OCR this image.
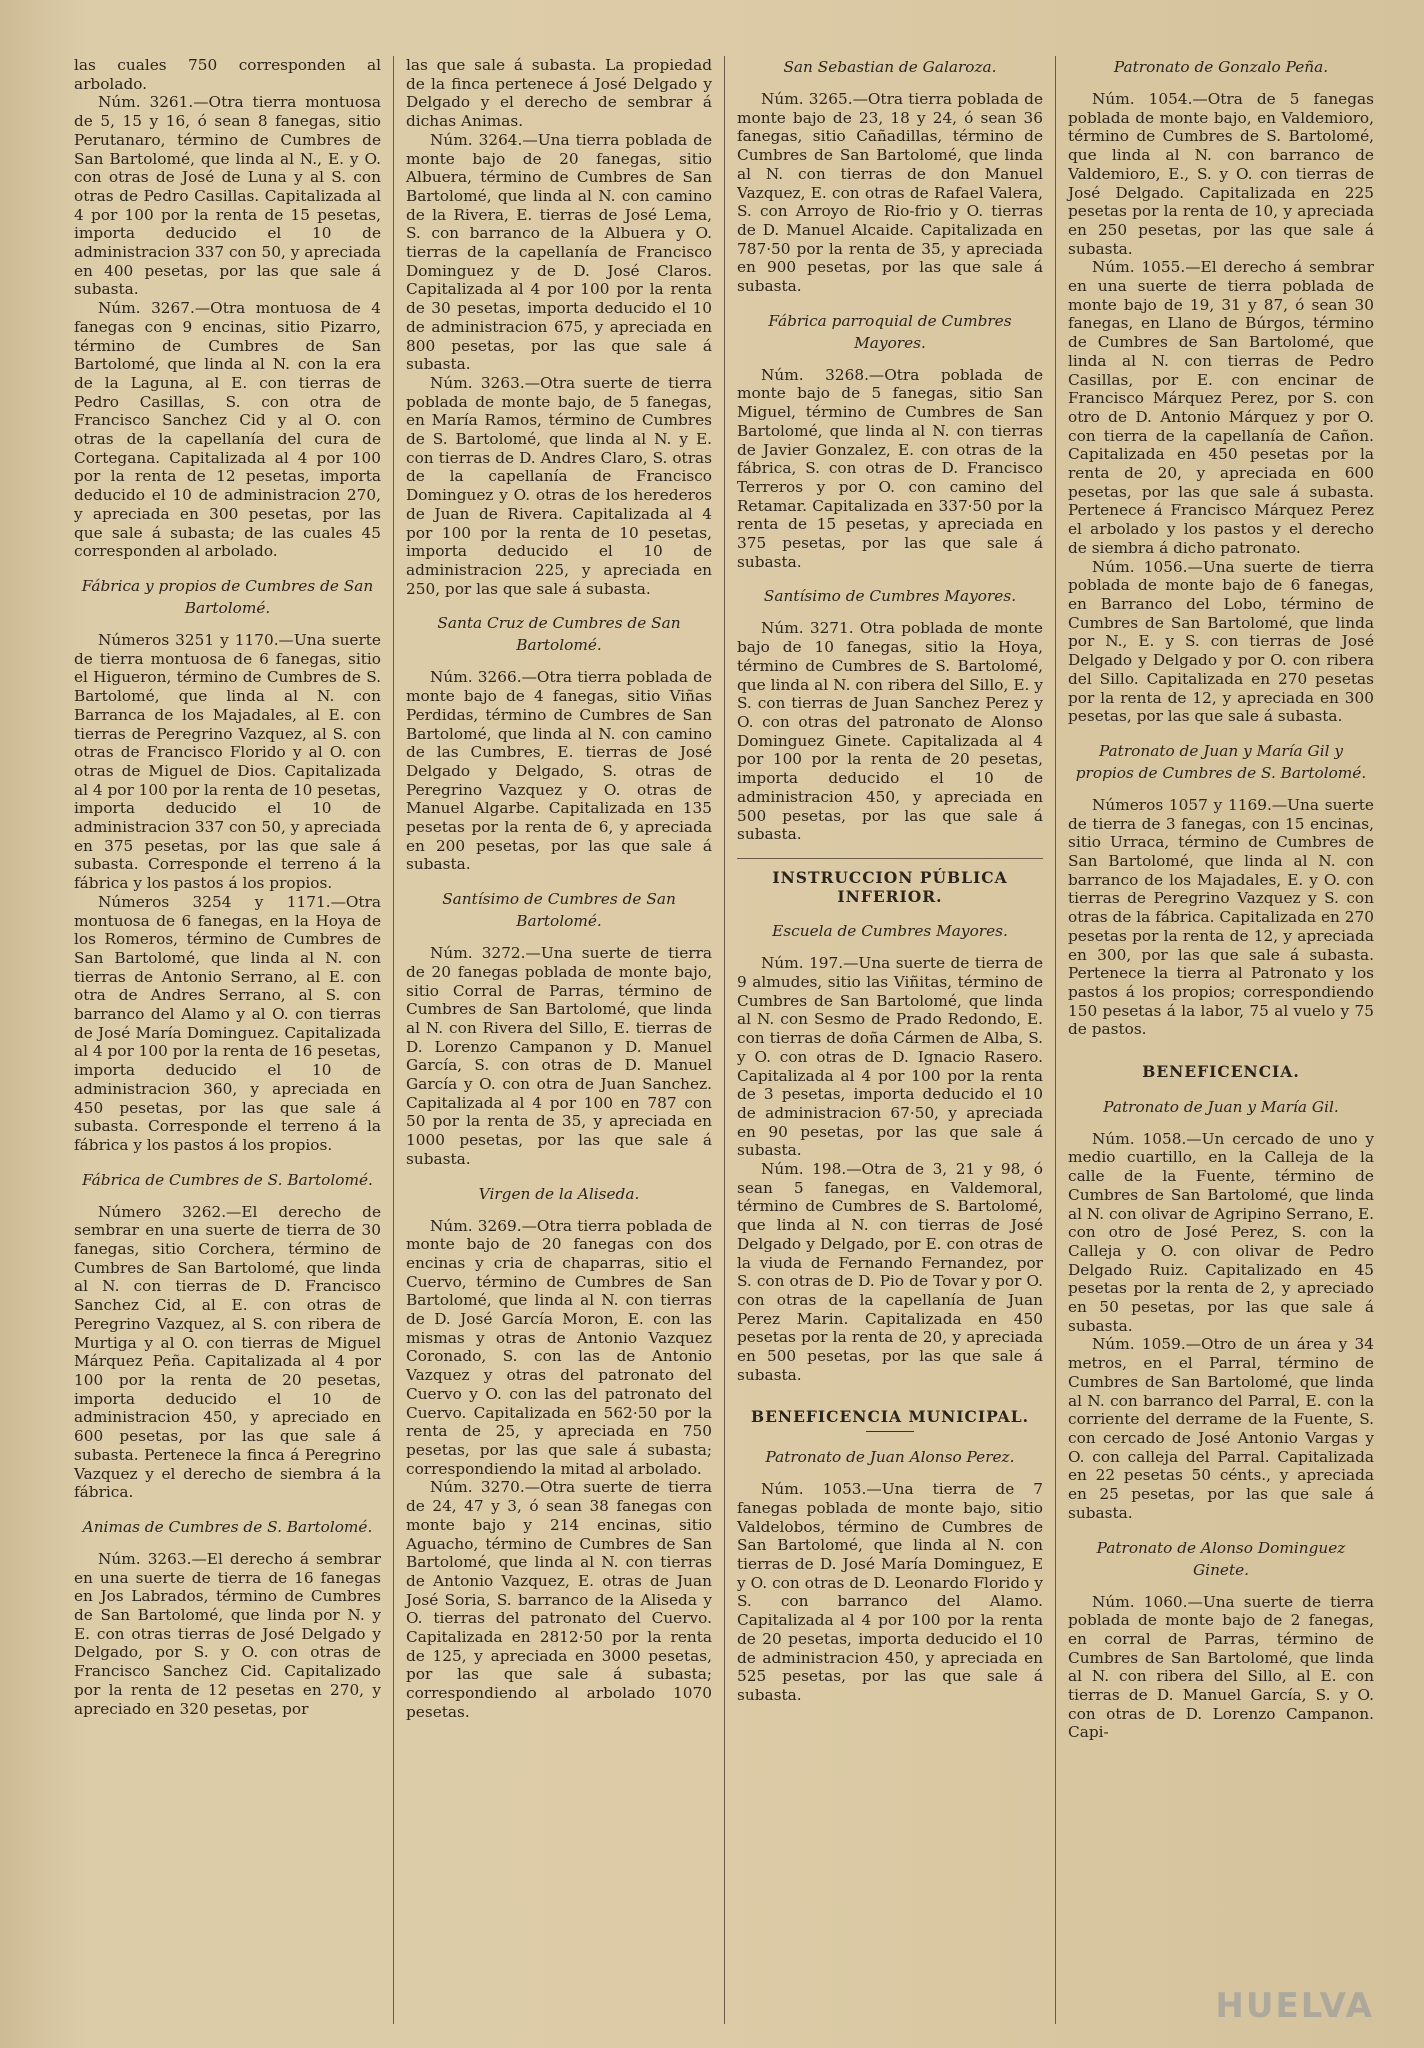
las cuales 750 corresponden al arbolado.

Núm. 3261.—Otra tierra montuosa de 5, 15 y 16, ó sean 8 fanegas, sitio Perutanaro, término de Cumbres de San Bartolomé, que linda al N., E. y O. con otras de José de Luna y al S. con otras de Pedro Casillas. Capitalizada al 4 por 100 por la renta de 15 pesetas, importa deducido el 10 de administracion 337 con 50, y apreciada en 400 pesetas, por las que sale á subasta.

Núm. 3267.—Otra montuosa de 4 fanegas con 9 encinas, sitio Pizarro, término de Cumbres de San Bartolomé, que linda al N. con la era de la Laguna, al E. con tierras de Pedro Casillas, S. con otra de Francisco Sanchez Cid y al O. con otras de la capellanía del cura de Cortegana. Capitalizada al 4 por 100 por la renta de 12 pesetas, importa deducido el 10 de administracion 270, y apreciada en 300 pesetas, por las que sale á subasta; de las cuales 45 corresponden al arbolado.

Fábrica y propios de Cumbres de San Bartolomé.

Números 3251 y 1170.—Una suerte de tierra montuosa de 6 fanegas, sitio el Higueron, término de Cumbres de S. Bartolomé, que linda al N. con Barranca de los Majadales, al E. con tierras de Peregrino Vazquez, al S. con otras de Francisco Florido y al O. con otras de Miguel de Dios. Capitalizada al 4 por 100 por la renta de 10 pesetas, importa deducido el 10 de administracion 337 con 50, y apreciada en 375 pesetas, por las que sale á subasta. Corresponde el terreno á la fábrica y los pastos á los propios.

Números 3254 y 1171.—Otra montuosa de 6 fanegas, en la Hoya de los Romeros, término de Cumbres de San Bartolomé, que linda al N. con tierras de Antonio Serrano, al E. con otra de Andres Serrano, al S. con barranco del Alamo y al O. con tierras de José María Dominguez. Capitalizada al 4 por 100 por la renta de 16 pesetas, importa deducido el 10 de administracion 360, y apreciada en 450 pesetas, por las que sale á subasta. Corresponde el terreno á la fábrica y los pastos á los propios.

Fábrica de Cumbres de S. Bartolomé.

Número 3262.—El derecho de sembrar en una suerte de tierra de 30 fanegas, sitio Corchera, término de Cumbres de San Bartolomé, que linda al N. con tierras de D. Francisco Sanchez Cid, al E. con otras de Peregrino Vazquez, al S. con ribera de Murtiga y al O. con tierras de Miguel Márquez Peña. Capitalizada al 4 por 100 por la renta de 20 pesetas, importa deducido el 10 de administracion 450, y apreciado en 600 pesetas, por las que sale á subasta. Pertenece la finca á Peregrino Vazquez y el derecho de siembra á la fábrica.

Animas de Cumbres de S. Bartolomé.

Núm. 3263.—El derecho á sembrar en una suerte de tierra de 16 fanegas en Jos Labrados, término de Cumbres de San Bartolomé, que linda por N. y E. con otras tierras de José Delgado y Delgado, por S. y O. con otras de Francisco Sanchez Cid. Capitalizado por la renta de 12 pesetas en 270, y apreciado en 320 pesetas, por

las que sale á subasta. La propiedad de la finca pertenece á José Delgado y Delgado y el derecho de sembrar á dichas Animas.

Núm. 3264.—Una tierra poblada de monte bajo de 20 fanegas, sitio Albuera, término de Cumbres de San Bartolomé, que linda al N. con camino de la Rivera, E. tierras de José Lema, S. con barranco de la Albuera y O. tierras de la capellanía de Francisco Dominguez y de D. José Claros. Capitalizada al 4 por 100 por la renta de 30 pesetas, importa deducido el 10 de administracion 675, y apreciada en 800 pesetas, por las que sale á subasta.

Núm. 3263.—Otra suerte de tierra poblada de monte bajo, de 5 fanegas, en María Ramos, término de Cumbres de S. Bartolomé, que linda al N. y E. con tierras de D. Andres Claro, S. otras de la capellanía de Francisco Dominguez y O. otras de los herederos de Juan de Rivera. Capitalizada al 4 por 100 por la renta de 10 pesetas, importa deducido el 10 de administracion 225, y apreciada en 250, por las que sale á subasta.

Santa Cruz de Cumbres de San Bartolomé.

Núm. 3266.—Otra tierra poblada de monte bajo de 4 fanegas, sitio Viñas Perdidas, término de Cumbres de San Bartolomé, que linda al N. con camino de las Cumbres, E. tierras de José Delgado y Delgado, S. otras de Peregrino Vazquez y O. otras de Manuel Algarbe. Capitalizada en 135 pesetas por la renta de 6, y apreciada en 200 pesetas, por las que sale á subasta.

Santísimo de Cumbres de San Bartolomé.

Núm. 3272.—Una suerte de tierra de 20 fanegas poblada de monte bajo, sitio Corral de Parras, término de Cumbres de San Bartolomé, que linda al N. con Rivera del Sillo, E. tierras de D. Lorenzo Campanon y D. Manuel García, S. con otras de D. Manuel García y O. con otra de Juan Sanchez. Capitalizada al 4 por 100 en 787 con 50 por la renta de 35, y apreciada en 1000 pesetas, por las que sale á subasta.

Virgen de la Aliseda.

Núm. 3269.—Otra tierra poblada de monte bajo de 20 fanegas con dos encinas y cria de chaparras, sitio el Cuervo, término de Cumbres de San Bartolomé, que linda al N. con tierras de D. José García Moron, E. con las mismas y otras de Antonio Vazquez Coronado, S. con las de Antonio Vazquez y otras del patronato del Cuervo y O. con las del patronato del Cuervo. Capitalizada en 562·50 por la renta de 25, y apreciada en 750 pesetas, por las que sale á subasta; correspondiendo la mitad al arbolado.

Núm. 3270.—Otra suerte de tierra de 24, 47 y 3, ó sean 38 fanegas con monte bajo y 214 encinas, sitio Aguacho, término de Cumbres de San Bartolomé, que linda al N. con tierras de Antonio Vazquez, E. otras de Juan José Soria, S. barranco de la Aliseda y O. tierras del patronato del Cuervo. Capitalizada en 2812·50 por la renta de 125, y apreciada en 3000 pesetas, por las que sale á subasta; correspondiendo al arbolado 1070 pesetas.

San Sebastian de Galaroza.

Núm. 3265.—Otra tierra poblada de monte bajo de 23, 18 y 24, ó sean 36 fanegas, sitio Cañadillas, término de Cumbres de San Bartolomé, que linda al N. con tierras de don Manuel Vazquez, E. con otras de Rafael Valera, S. con Arroyo de Rio-frio y O. tierras de D. Manuel Alcaide. Capitalizada en 787·50 por la renta de 35, y apreciada en 900 pesetas, por las que sale á subasta.

Fábrica parroquial de Cumbres Mayores.

Núm. 3268.—Otra poblada de monte bajo de 5 fanegas, sitio San Miguel, término de Cumbres de San Bartolomé, que linda al N. con tierras de Javier Gonzalez, E. con otras de la fábrica, S. con otras de D. Francisco Terreros y por O. con camino del Retamar. Capitalizada en 337·50 por la renta de 15 pesetas, y apreciada en 375 pesetas, por las que sale á subasta.

Santísimo de Cumbres Mayores.

Núm. 3271. Otra poblada de monte bajo de 10 fanegas, sitio la Hoya, término de Cumbres de S. Bartolomé, que linda al N. con ribera del Sillo, E. y S. con tierras de Juan Sanchez Perez y O. con otras del patronato de Alonso Dominguez Ginete. Capitalizada al 4 por 100 por la renta de 20 pesetas, importa deducido el 10 de administracion 450, y apreciada en 500 pesetas, por las que sale á subasta.

INSTRUCCION PÚBLICA INFERIOR.
Escuela de Cumbres Mayores.

Núm. 197.—Una suerte de tierra de 9 almudes, sitio las Viñitas, término de Cumbres de San Bartolomé, que linda al N. con Sesmo de Prado Redondo, E. con tierras de doña Cármen de Alba, S. y O. con otras de D. Ignacio Rasero. Capitalizada al 4 por 100 por la renta de 3 pesetas, importa deducido el 10 de administracion 67·50, y apreciada en 90 pesetas, por las que sale á subasta.

Núm. 198.—Otra de 3, 21 y 98, ó sean 5 fanegas, en Valdemoral, término de Cumbres de S. Bartolomé, que linda al N. con tierras de José Delgado y Delgado, por E. con otras de la viuda de Fernando Fernandez, por S. con otras de D. Pio de Tovar y por O. con otras de la capellanía de Juan Perez Marin. Capitalizada en 450 pesetas por la renta de 20, y apreciada en 500 pesetas, por las que sale á subasta.

BENEFICENCIA MUNICIPAL.
Patronato de Juan Alonso Perez.

Núm. 1053.—Una tierra de 7 fanegas poblada de monte bajo, sitio Valdelobos, término de Cumbres de San Bartolomé, que linda al N. con tierras de D. José María Dominguez, E y O. con otras de D. Leonardo Florido y S. con barranco del Alamo. Capitalizada al 4 por 100 por la renta de 20 pesetas, importa deducido el 10 de administracion 450, y apreciada en 525 pesetas, por las que sale á subasta.

Patronato de Gonzalo Peña.

Núm. 1054.—Otra de 5 fanegas poblada de monte bajo, en Valdemioro, término de Cumbres de S. Bartolomé, que linda al N. con barranco de Valdemioro, E., S. y O. con tierras de José Delgado. Capitalizada en 225 pesetas por la renta de 10, y apreciada en 250 pesetas, por las que sale á subasta.

Núm. 1055.—El derecho á sembrar en una suerte de tierra poblada de monte bajo de 19, 31 y 87, ó sean 30 fanegas, en Llano de Búrgos, término de Cumbres de San Bartolomé, que linda al N. con tierras de Pedro Casillas, por E. con encinar de Francisco Márquez Perez, por S. con otro de D. Antonio Márquez y por O. con tierra de la capellanía de Cañon. Capitalizada en 450 pesetas por la renta de 20, y apreciada en 600 pesetas, por las que sale á subasta. Pertenece á Francisco Márquez Perez el arbolado y los pastos y el derecho de siembra á dicho patronato.

Núm. 1056.—Una suerte de tierra poblada de monte bajo de 6 fanegas, en Barranco del Lobo, término de Cumbres de San Bartolomé, que linda por N., E. y S. con tierras de José Delgado y Delgado y por O. con ribera del Sillo. Capitalizada en 270 pesetas por la renta de 12, y apreciada en 300 pesetas, por las que sale á subasta.

Patronato de Juan y María Gil y propios de Cumbres de S. Bartolomé.

Números 1057 y 1169.—Una suerte de tierra de 3 fanegas, con 15 encinas, sitio Urraca, término de Cumbres de San Bartolomé, que linda al N. con barranco de los Majadales, E. y O. con tierras de Peregrino Vazquez y S. con otras de la fábrica. Capitalizada en 270 pesetas por la renta de 12, y apreciada en 300, por las que sale á subasta. Pertenece la tierra al Patronato y los pastos á los propios; correspondiendo 150 pesetas á la labor, 75 al vuelo y 75 de pastos.

BENEFICENCIA.
Patronato de Juan y María Gil.

Núm. 1058.—Un cercado de uno y medio cuartillo, en la Calleja de la calle de la Fuente, término de Cumbres de San Bartolomé, que linda al N. con olivar de Agripino Serrano, E. con otro de José Perez, S. con la Calleja y O. con olivar de Pedro Delgado Ruiz. Capitalizado en 45 pesetas por la renta de 2, y apreciado en 50 pesetas, por las que sale á subasta.

Núm. 1059.—Otro de un área y 34 metros, en el Parral, término de Cumbres de San Bartolomé, que linda al N. con barranco del Parral, E. con la corriente del derrame de la Fuente, S. con cercado de José Antonio Vargas y O. con calleja del Parral. Capitalizada en 22 pesetas 50 cénts., y apreciada en 25 pesetas, por las que sale á subasta.

Patronato de Alonso Dominguez Ginete.

Núm. 1060.—Una suerte de tierra poblada de monte bajo de 2 fanegas, en corral de Parras, término de Cumbres de San Bartolomé, que linda al N. con ribera del Sillo, al E. con tierras de D. Manuel García, S. y O. con otras de D. Lorenzo Campanon. Capi-

HUELVA
